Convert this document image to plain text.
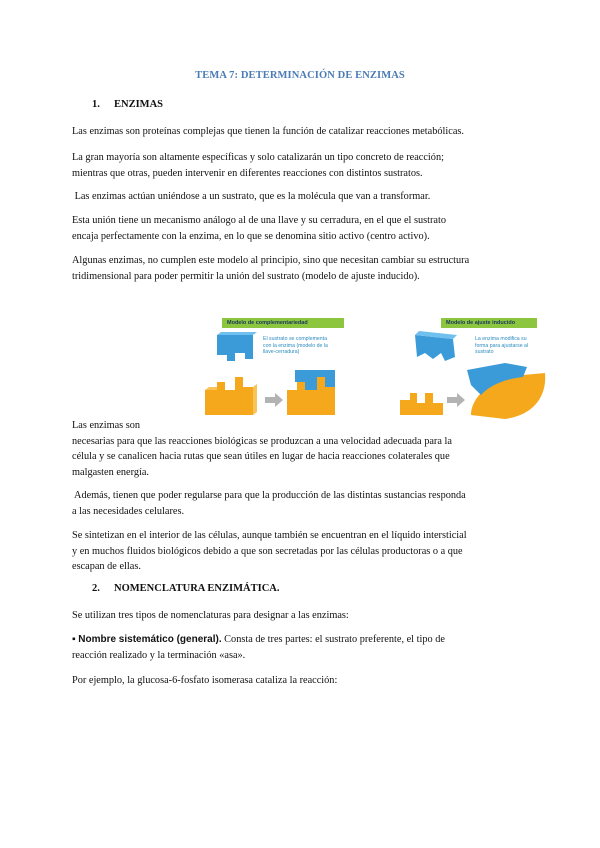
TEMA 7: DETERMINACIÓN DE ENZIMAS
1. ENZIMAS

Las enzimas son proteínas complejas que tienen la función de catalizar reacciones metabólicas.

La gran mayoría son altamente específicas y solo catalizarán un tipo concreto de reacción;

mientras que otras, pueden intervenir en diferentes reacciones con distintos sustratos.

Las enzimas actúan uniéndose a un sustrato, que es la molécula que van a transformar.

Esta unión tiene un mecanismo análogo al de una llave y su cerradura, en el que el sustrato

encaja perfectamente con la enzima, en lo que se denomina sitio activo (centro activo).

Algunas enzimas, no cumplen este modelo al principio, sino que necesitan cambiar su estructura

tridimensional para poder permitir la unión del sustrato (modelo de ajuste inducido).

Modelo de complementariedad	Modelo de ajuste inducido
El sustrato se complementa
con la enzima (modelo de la
llave-cerradura)
La enzima modifica su
forma para ajustarse al
sustrato

Las enzimas son

necesarias para que las reacciones biológicas se produzcan a una velocidad adecuada para la

célula y se canalicen hacia rutas que sean útiles en lugar de hacia reacciones colaterales que

malgasten energía.

Además, tienen que poder regularse para que la producción de las distintas sustancias responda

a las necesidades celulares.

Se sintetizan en el interior de las células, aunque también se encuentran en el líquido intersticial

y en muchos fluidos biológicos debido a que son secretadas por las células productoras o a que

escapan de ellas.

2. NOMENCLATURA ENZIMÁTICA.

Se utilizan tres tipos de nomenclaturas para designar a las enzimas:

▪ Nombre sistemático (general). Consta de tres partes: el sustrato preferente, el tipo de

reacción realizado y la terminación «asa».

Por ejemplo, la glucosa-6-fosfato isomerasa cataliza la reacción:
